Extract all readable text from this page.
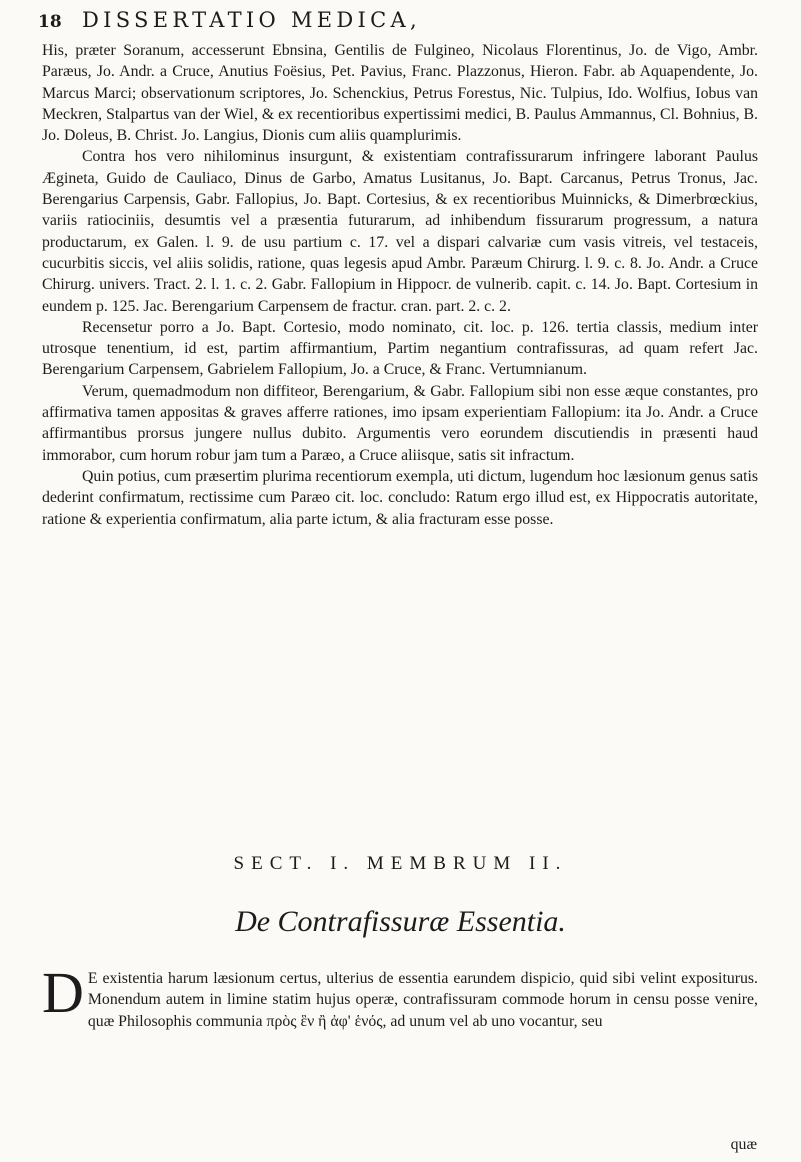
18 DISSERTATIO MEDICA,

His, præter Soranum, accesserunt Ebnsina, Gentilis de Fulgineo, Nicolaus Florentinus, Jo. de Vigo, Ambr. Paræus, Jo. Andr. a Cruce, Anutius Foësius, Pet. Pavius, Franc. Plazzonus, Hieron. Fabr. ab Aquapendente, Jo. Marcus Marci; observationum scriptores, Jo. Schenckius, Petrus Forestus, Nic. Tulpius, Ido. Wolfius, Iobus van Meckren, Stalpartus van der Wiel, & ex recentioribus expertissimi medici, B. Paulus Ammannus, Cl. Bohnius, B. Jo. Doleus, B. Christ. Jo. Langius, Dionis cum aliis quamplurimis.

Contra hos vero nihilominus insurgunt, & existentiam contrafissurarum infringere laborant Paulus Ægineta, Guido de Cauliaco, Dinus de Garbo, Amatus Lusitanus, Jo. Bapt. Carcanus, Petrus Tronus, Jac. Berengarius Carpensis, Gabr. Fallopius, Jo. Bapt. Cortesius, & ex recentioribus Muinnicks, & Dimerbrœckius, variis ratiociniis, desumtis vel a præsentia futurarum, ad inhibendum fissurarum progressum, a natura productarum, ex Galen. l. 9. de usu partium c. 17. vel a dispari calvariæ cum vasis vitreis, vel testaceis, cucurbitis siccis, vel aliis solidis, ratione, quas legesis apud Ambr. Paræum Chirurg. l. 9. c. 8. Jo. Andr. a Cruce Chirurg. univers. Tract. 2. l. 1. c. 2. Gabr. Fallopium in Hippocr. de vulnerib. capit. c. 14. Jo. Bapt. Cortesium in eundem p. 125. Jac. Berengarium Carpensem de fractur. cran. part. 2. c. 2.

Recensetur porro a Jo. Bapt. Cortesio, modo nominato, cit. loc. p. 126. tertia classis, medium inter utrosque tenentium, id est, partim affirmantium, Partim negantium contrafissuras, ad quam refert Jac. Berengarium Carpensem, Gabrielem Fallopium, Jo. a Cruce, & Franc. Vertumnianum.

Verum, quemadmodum non diffiteor, Berengarium, & Gabr. Fallopium sibi non esse æque constantes, pro affirmativa tamen appositas & graves afferre rationes, imo ipsam experientiam Fallopium: ita Jo. Andr. a Cruce affirmantibus prorsus jungere nullus dubito. Argumentis vero eorundem discutiendis in præsenti haud immorabor, cum horum robur jam tum a Paræo, a Cruce aliisque, satis sit infractum.

Quin potius, cum præsertim plurima recentiorum exempla, uti dictum, lugendum hoc læsionum genus satis dederint confirmatum, rectissime cum Paræo cit. loc. concludo: Ratum ergo illud est, ex Hippocratis autoritate, ratione & experientia confirmatum, alia parte ictum, & alia fracturam esse posse.

SECT. I. MEMBRUM II.
De Contrafissuræ Essentia.
D E existentia harum læsionum certus, ulterius de essentia earundem dispicio, quid sibi velint expositurus. Monendum autem in limine statim hujus operæ, contrafissuram commode horum in censu posse venire, quæ Philosophis communia πρὸς ἓν ἢ ἀφ' ἑνός, ad unum vel ab uno vocantur, seu
quæ
